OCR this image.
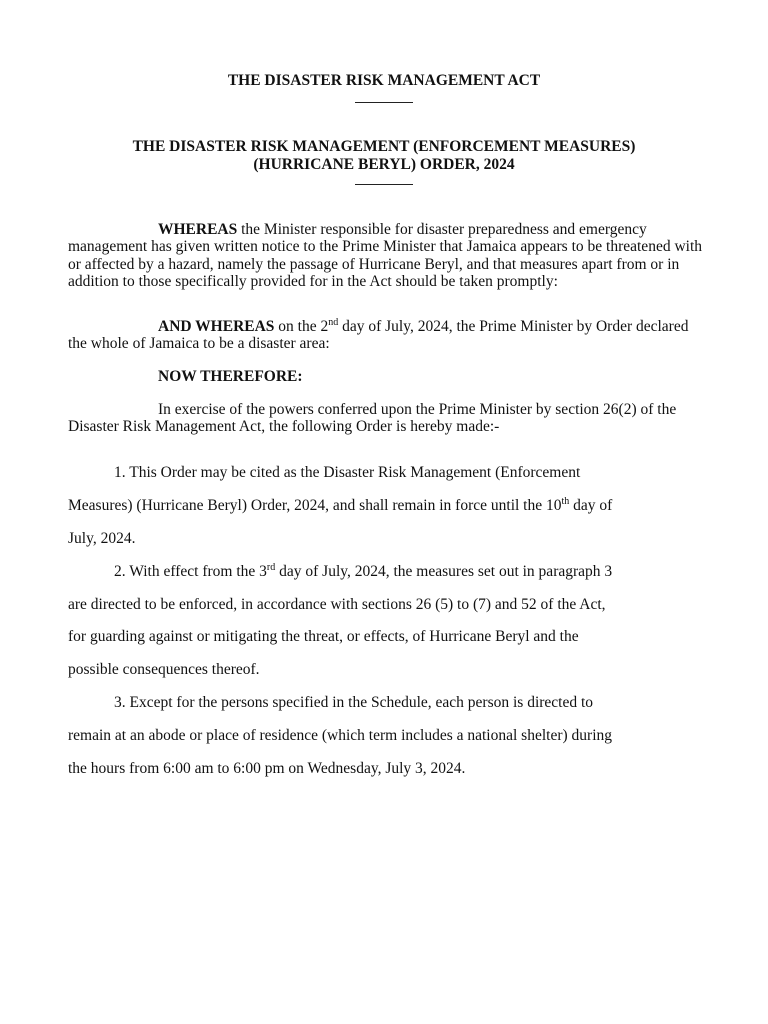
THE DISASTER RISK MANAGEMENT ACT
THE DISASTER RISK MANAGEMENT (ENFORCEMENT MEASURES)
(HURRICANE BERYL) ORDER, 2024

WHEREAS the Minister responsible for disaster preparedness and emergency management has given written notice to the Prime Minister that Jamaica appears to be threatened with or affected by a hazard, namely the passage of Hurricane Beryl, and that measures apart from or in addition to those specifically provided for in the Act should be taken promptly:

AND WHEREAS on the 2nd day of July, 2024, the Prime Minister by Order declared the whole of Jamaica to be a disaster area:

NOW THEREFORE:

In exercise of the powers conferred upon the Prime Minister by section 26(2) of the Disaster Risk Management Act, the following Order is hereby made:-

1. This Order may be cited as the Disaster Risk Management (Enforcement
Measures) (Hurricane Beryl) Order, 2024, and shall remain in force until the 10th day of
July, 2024.
2. With effect from the 3rd day of July, 2024, the measures set out in paragraph 3
are directed to be enforced, in accordance with sections 26 (5) to (7) and 52 of the Act,
for guarding against or mitigating the threat, or effects, of Hurricane Beryl and the
possible consequences thereof.
3. Except for the persons specified in the Schedule, each person is directed to
remain at an abode or place of residence (which term includes a national shelter) during
the hours from 6:00 am to 6:00 pm on Wednesday, July 3, 2024.
